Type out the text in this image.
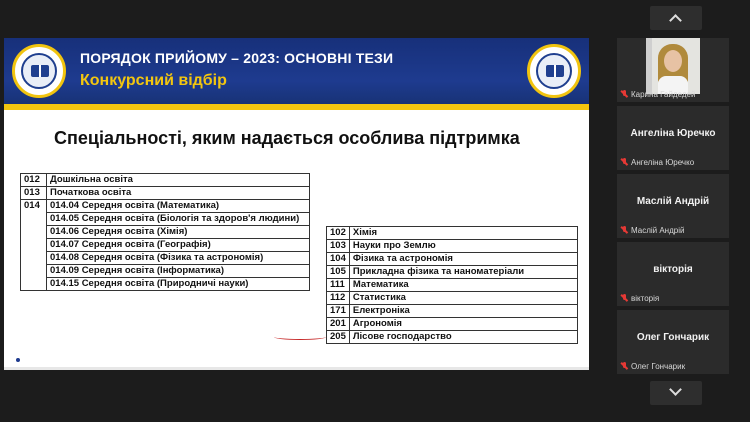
ПОРЯДОК ПРИЙОМУ – 2023: ОСНОВНІ ТЕЗИ
Конкурсний відбір
Спеціальності, яким надається особлива підтримка
012	Дошкільна освіта
013	Початкова освіта
014	014.04 Середня освіта (Математика)
	014.05 Середня освіта (Біологія та здоров'я людини)
	014.06 Середня освіта (Хімія)
	014.07 Середня освіта (Географія)
	014.08 Середня освіта (Фізика та астрономія)
	014.09 Середня освіта (Інформатика)
	014.15 Середня освіта (Природничі науки)
102	Хімія
103	Науки про Землю
104	Фізика та астрономія
105	Прикладна фізика та наноматеріали
111	Математика
112	Статистика
171	Електроніка
201	Агрономія
205	Лісове господарство
Карина Гайдедей
Ангеліна Юречко
Ангеліна Юречко
Маслій Андрій
Маслій Андрій
вікторія
вікторія
Олег Гончарик
Олег Гончарик
